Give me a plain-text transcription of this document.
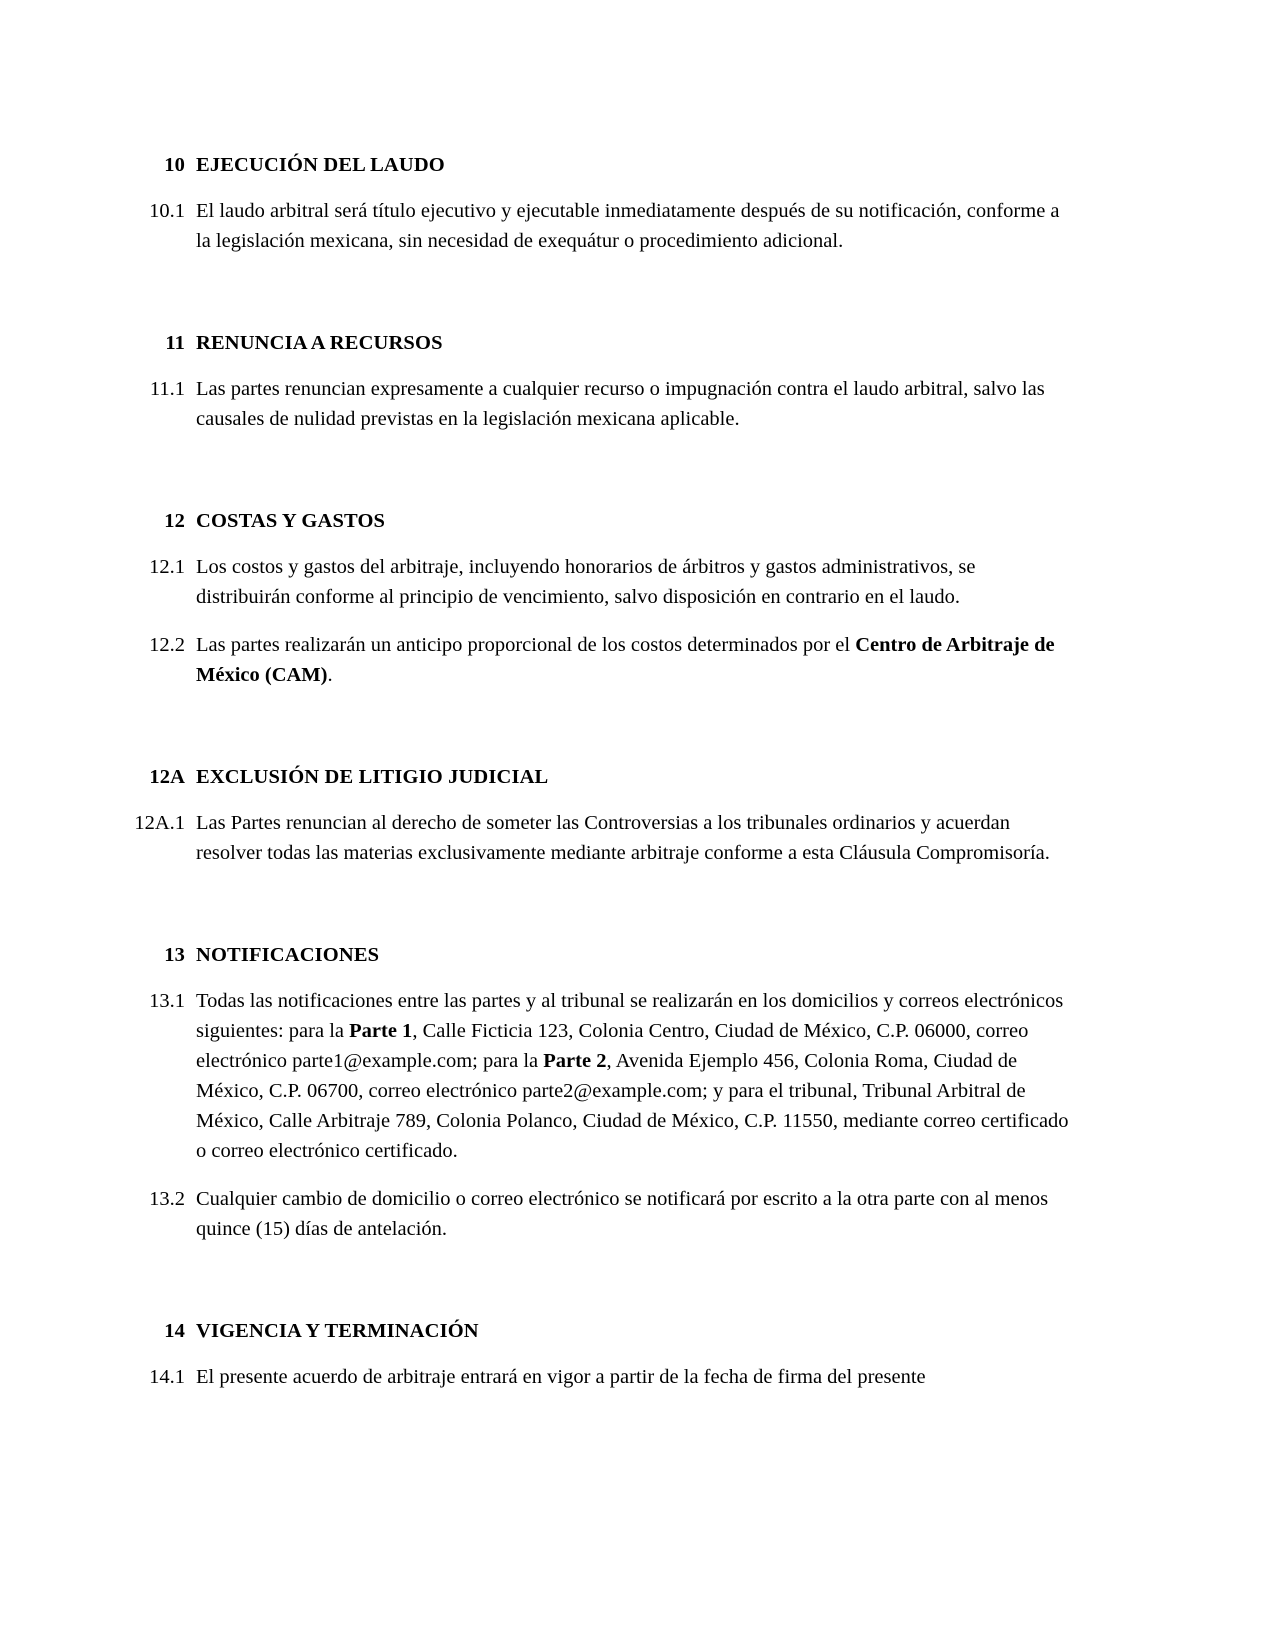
10 EJECUCIÓN DEL LAUDO
10.1 El laudo arbitral será título ejecutivo y ejecutable inmediatamente después de su notificación, conforme a la legislación mexicana, sin necesidad de exequátur o procedimiento adicional.
11 RENUNCIA A RECURSOS
11.1 Las partes renuncian expresamente a cualquier recurso o impugnación contra el laudo arbitral, salvo las causales de nulidad previstas en la legislación mexicana aplicable.
12 COSTAS Y GASTOS
12.1 Los costos y gastos del arbitraje, incluyendo honorarios de árbitros y gastos administrativos, se distribuirán conforme al principio de vencimiento, salvo disposición en contrario en el laudo.
12.2 Las partes realizarán un anticipo proporcional de los costos determinados por el Centro de Arbitraje de México (CAM).
12A EXCLUSIÓN DE LITIGIO JUDICIAL
12A.1 Las Partes renuncian al derecho de someter las Controversias a los tribunales ordinarios y acuerdan resolver todas las materias exclusivamente mediante arbitraje conforme a esta Cláusula Compromisoría.
13 NOTIFICACIONES
13.1 Todas las notificaciones entre las partes y al tribunal se realizarán en los domicilios y correos electrónicos siguientes: para la Parte 1, Calle Ficticia 123, Colonia Centro, Ciudad de México, C.P. 06000, correo electrónico parte1@example.com; para la Parte 2, Avenida Ejemplo 456, Colonia Roma, Ciudad de México, C.P. 06700, correo electrónico parte2@example.com; y para el tribunal, Tribunal Arbitral de México, Calle Arbitraje 789, Colonia Polanco, Ciudad de México, C.P. 11550, mediante correo certificado o correo electrónico certificado.
13.2 Cualquier cambio de domicilio o correo electrónico se notificará por escrito a la otra parte con al menos quince (15) días de antelación.
14 VIGENCIA Y TERMINACIÓN
14.1 El presente acuerdo de arbitraje entrará en vigor a partir de la fecha de firma del presente
